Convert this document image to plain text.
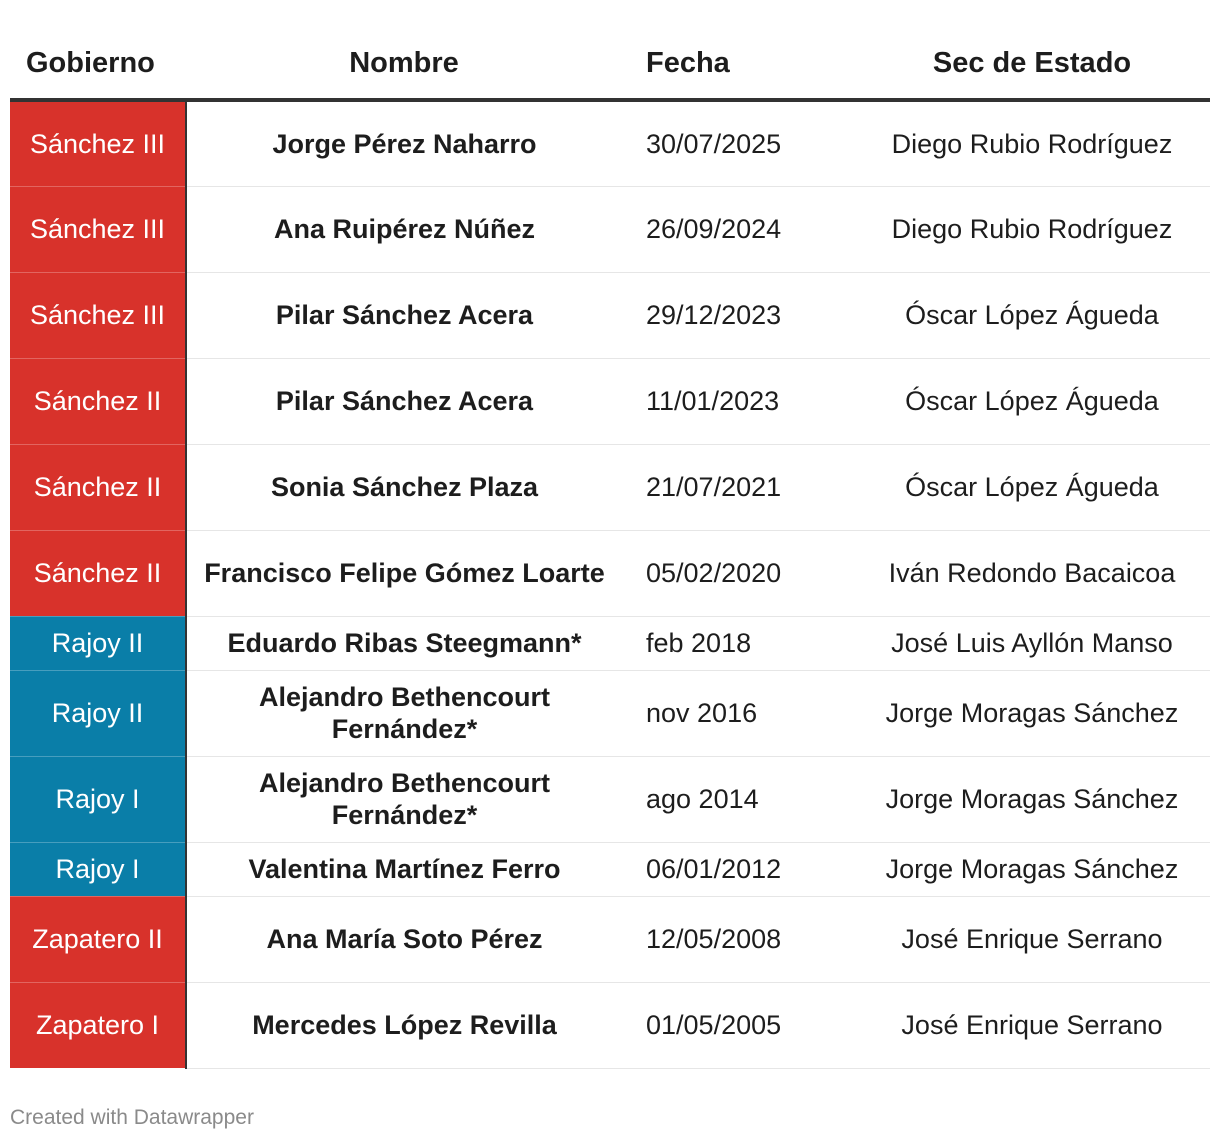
Gobierno	Nombre	Fecha	Sec de Estado
Sánchez III	Jorge Pérez Naharro	30/07/2025	Diego Rubio Rodríguez
Sánchez III	Ana Ruipérez Núñez	26/09/2024	Diego Rubio Rodríguez
Sánchez III	Pilar Sánchez Acera	29/12/2023	Óscar López Águeda
Sánchez II	Pilar Sánchez Acera	11/01/2023	Óscar López Águeda
Sánchez II	Sonia Sánchez Plaza	21/07/2021	Óscar López Águeda
Sánchez II	Francisco Felipe Gómez Loarte	05/02/2020	Iván Redondo Bacaicoa
Rajoy II	Eduardo Ribas Steegmann*	feb 2018	José Luis Ayllón Manso
Rajoy II	Alejandro Bethencourt Fernández*	nov 2016	Jorge Moragas Sánchez
Rajoy I	Alejandro Bethencourt Fernández*	ago 2014	Jorge Moragas Sánchez
Rajoy I	Valentina Martínez Ferro	06/01/2012	Jorge Moragas Sánchez
Zapatero II	Ana María Soto Pérez	12/05/2008	José Enrique Serrano
Zapatero I	Mercedes López Revilla	01/05/2005	José Enrique Serrano
Created with Datawrapper
